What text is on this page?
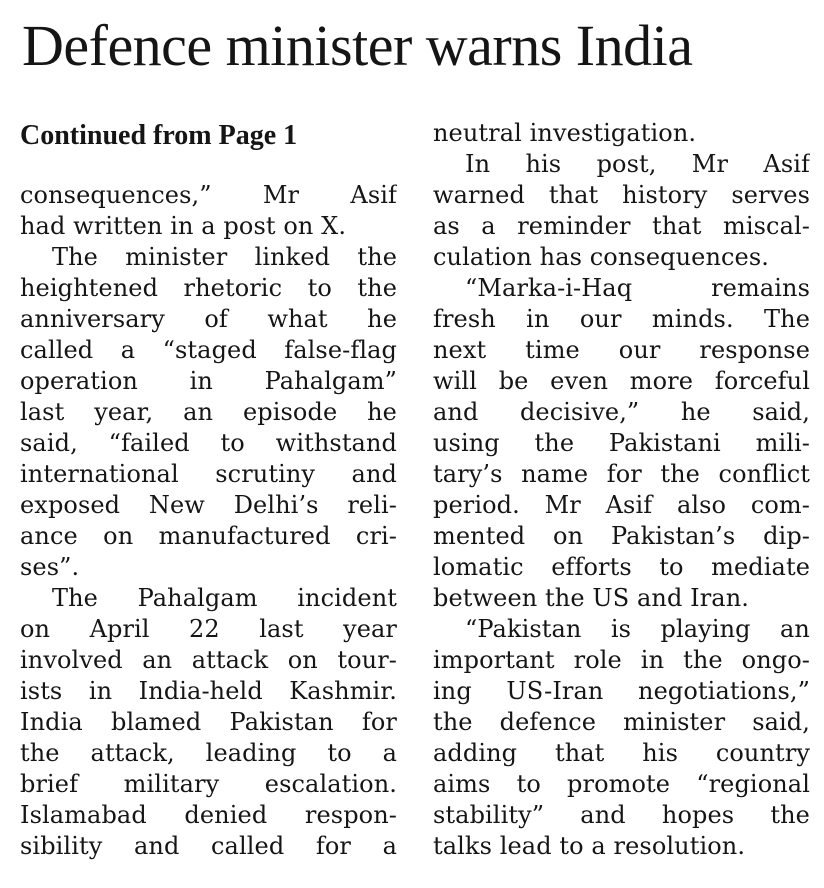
Defence minister warns India
Continued from Page 1
consequences,” Mr Asif
had written in a post on X.
The minister linked the
heightened rhetoric to the
anniversary of what he
called a “staged false-flag
operation in Pahalgam”
last year, an episode he
said, “failed to withstand
international scrutiny and
exposed New Delhi’s reli-
ance on manufactured cri-
ses”.
The Pahalgam incident
on April 22 last year
involved an attack on tour-
ists in India-held Kashmir.
India blamed Pakistan for
the attack, leading to a
brief military escalation.
Islamabad denied respon-
sibility and called for a
neutral investigation.
In his post, Mr Asif
warned that history serves
as a reminder that miscal-
culation has consequences.
“Marka-i-Haq remains
fresh in our minds. The
next time our response
will be even more forceful
and decisive,” he said,
using the Pakistani mili-
tary’s name for the conflict
period. Mr Asif also com-
mented on Pakistan’s dip-
lomatic efforts to mediate
between the US and Iran.
“Pakistan is playing an
important role in the ongo-
ing US-Iran negotiations,”
the defence minister said,
adding that his country
aims to promote “regional
stability” and hopes the
talks lead to a resolution.
